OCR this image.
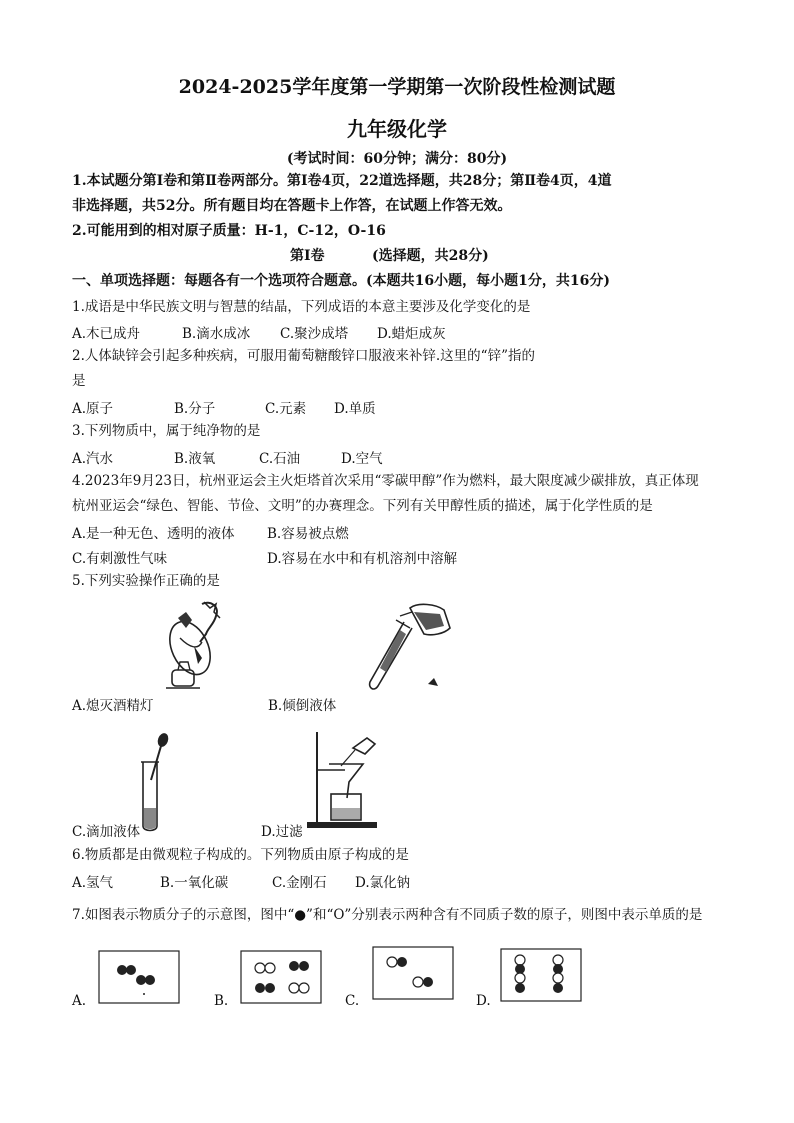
2024-2025学年度第一学期第一次阶段性检测试题
九年级化学
(考试时间：60分钟；满分：80分)
1.本试题分第Ⅰ卷和第Ⅱ卷两部分。第Ⅰ卷4页，22道选择题，共28分；第Ⅱ卷4页，4道
非选择题，共52分。所有题目均在答题卡上作答，在试题上作答无效。
2.可能用到的相对原子质量：H-1，C-12，O-16
第Ⅰ卷	(选择题，共28分)
一、单项选择题：每题各有一个选项符合题意。(本题共16小题，每小题1分，共16分)
1.成语是中华民族文明与智慧的结晶，下列成语的本意主要涉及化学变化的是
A.木已成舟	B.滴水成冰 C.聚沙成塔 D.蜡炬成灰
2.人体缺锌会引起多种疾病，可服用葡萄糖酸锌口服液来补锌.这里的“锌”指的
是
A.原子	B.分子	C.元素 D.单质
3.下列物质中，属于纯净物的是
A.汽水	B.液氧	C.石油	D.空气
4.2023年9月23日，杭州亚运会主火炬塔首次采用“零碳甲醇”作为燃料，最大限度减少碳排放，真正体现
杭州亚运会“绿色、智能、节俭、文明”的办赛理念。下列有关甲醇性质的描述，属于化学性质的是
A.是一种无色、透明的液体 B.容易被点燃
C.有刺激性气味	D.容易在水中和有机溶剂中溶解
5.下列实验操作正确的是
A.熄灭酒精灯	B.倾倒液体
C.滴加液体	D.过滤
6.物质都是由微观粒子构成的。下列物质由原子构成的是
A.氢气	B.一氧化碳	C.金刚石 D.氯化钠
7.如图表示物质分子的示意图，图中“●”和“O”分别表示两种含有不同质子数的原子，则图中表示单质的是
A.	B.	C.	D.
